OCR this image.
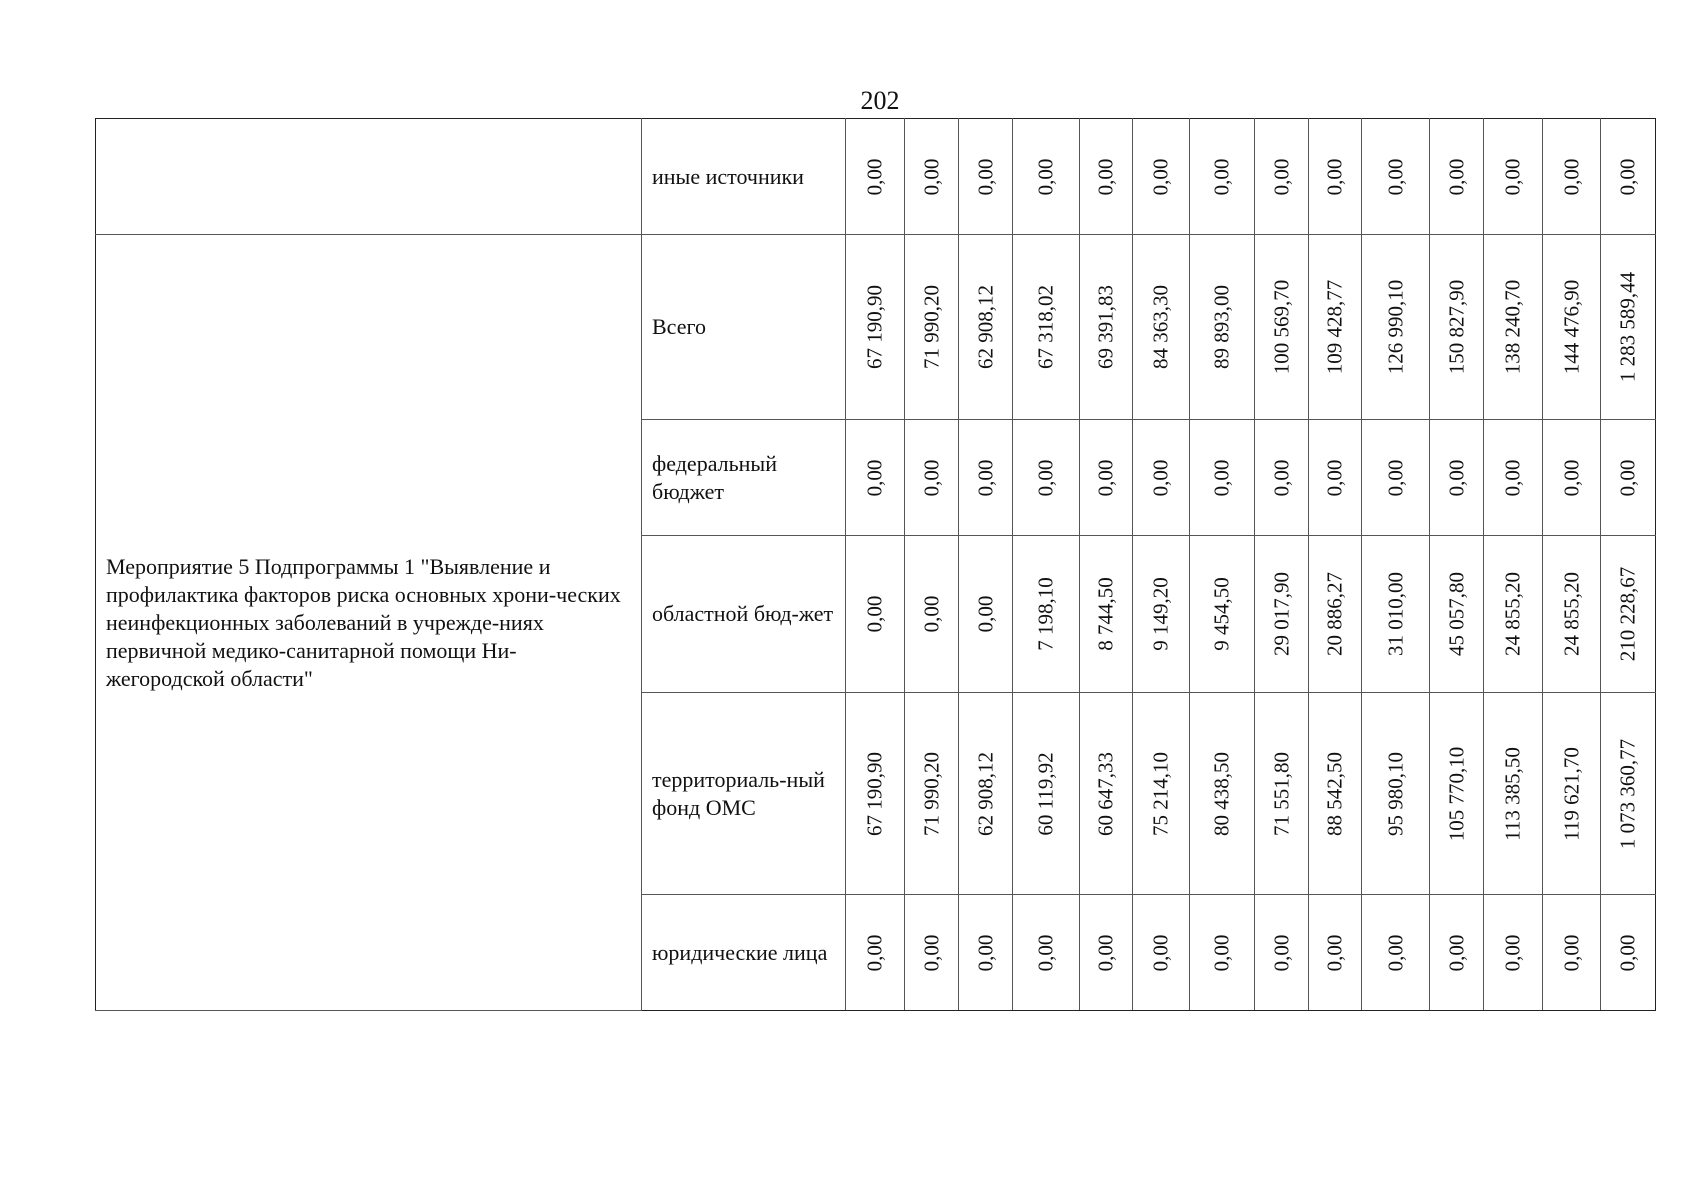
202
	иные источники	0,00	0,00	0,00	0,00	0,00	0,00	0,00	0,00	0,00	0,00	0,00	0,00	0,00	0,00

Мероприятие 5 Подпрограммы 1 "Выявление и профилактика факторов риска основных хрони-ческих неинфекционных заболеваний в учрежде-ниях первичной медико-санитарной помощи Ни-жегородской области"	Всего	67 190,90	71 990,20	62 908,12	67 318,02	69 391,83	84 363,30	89 893,00	100 569,70	109 428,77	126 990,10	150 827,90	138 240,70	144 476,90	1 283 589,44

	федеральный бюджет	0,00	0,00	0,00	0,00	0,00	0,00	0,00	0,00	0,00	0,00	0,00	0,00	0,00	0,00

	областной бюд-жет	0,00	0,00	0,00	7 198,10	8 744,50	9 149,20	9 454,50	29 017,90	20 886,27	31 010,00	45 057,80	24 855,20	24 855,20	210 228,67

	территориаль-ный фонд ОМС	67 190,90	71 990,20	62 908,12	60 119,92	60 647,33	75 214,10	80 438,50	71 551,80	88 542,50	95 980,10	105 770,10	113 385,50	119 621,70	1 073 360,77

	юридические лица	0,00	0,00	0,00	0,00	0,00	0,00	0,00	0,00	0,00	0,00	0,00	0,00	0,00	0,00
